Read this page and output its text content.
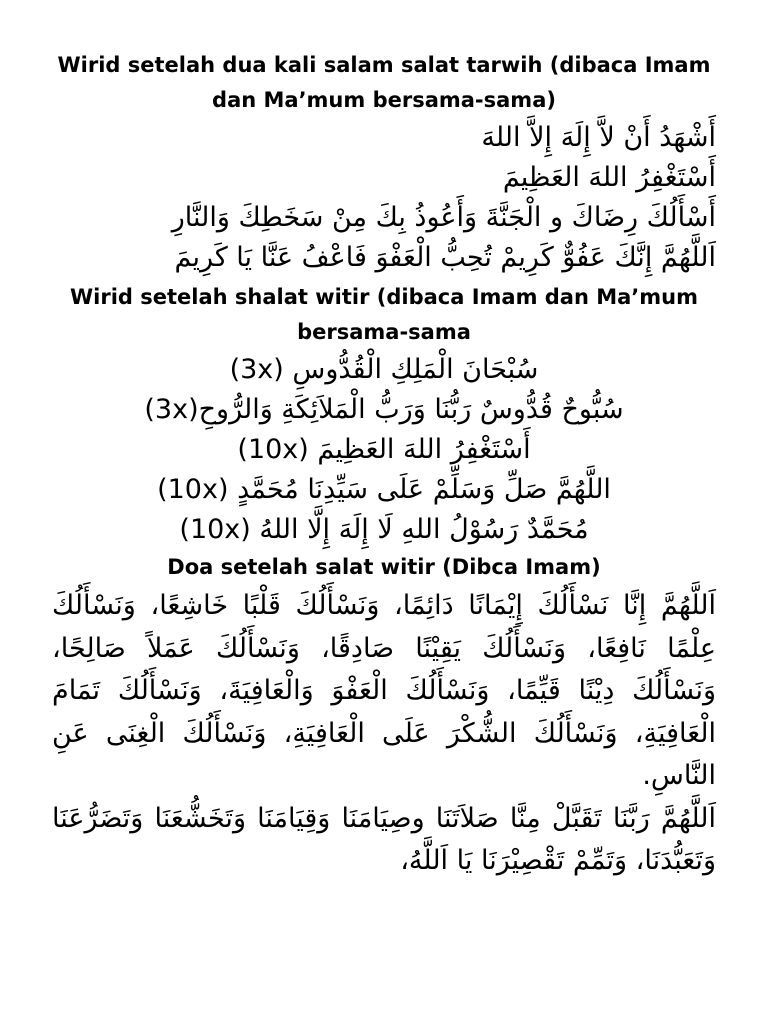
Wirid setelah dua kali salam salat tarwih (dibaca Imam dan Ma’mum bersama-sama)

أَشْهَدُ أَنْ لاَّ إِلَهَ إِلاَّ اللهَ
أَسْتَغْفِرُ اللهَ العَظِيمَ
أَسْأَلُكَ رِضَاكَ و الْجَنَّةَ وَأَعُوذُ بِكَ مِنْ سَخَطِكَ وَالنَّارِ
اَللَّهُمَّ إِنَّكَ عَفُوٌّ كَرِيمْ تُحِبُّ الْعَفْوَ فَاعْفُ عَنَّا يَا كَرِيمَ

Wirid setelah shalat witir (dibaca Imam dan Ma’mum bersama-sama

سُبْحَانَ الْمَلِكِ الْقُدُّوسِ (3x)
سُبُّوحٌ قُدُّوسٌ رَبُّنَا وَرَبُّ الْمَلاَئِكَةِ وَالرُّوحِ(3x)
أَسْتَغْفِرُ اللهَ العَظِيمَ (10x)
اللَّهُمَّ صَلِّ وَسَلِّمْ عَلَى سَيِّدِنَا مُحَمَّدٍ (10x)
مُحَمَّدٌ رَسُوْلُ اللهِ لَا إِلَهَ إِلَّا اللهُ (10x)

Doa setelah salat witir (Dibca Imam)

اَللَّهُمَّ إِنَّا نَسْأَلُكَ إِيْمَانًا دَائِمًا، وَنَسْأَلُكَ قَلْبًا خَاشِعًا، وَنَسْأَلُكَ عِلْمًا نَافِعًا، وَنَسْأَلُكَ يَقِيْنًا صَادِقًا، وَنَسْأَلُكَ عَمَلاً صَالِحًا، وَنَسْأَلُكَ دِيْنًا قَيِّمًا، وَنَسْأَلُكَ الْعَفْوَ وَالْعَافِيَةَ، وَنَسْأَلُكَ تَمَامَ الْعَافِيَةِ، وَنَسْأَلُكَ الشُّكْرَ عَلَى الْعَافِيَةِ، وَنَسْأَلُكَ الْغِنَى عَنِ النَّاسِ.

اَللَّهُمَّ رَبَّنَا تَقَبَّلْ مِنَّا صَلاَتَنَا وصِيَامَنَا وَقِيَامَنَا وَتَخَشُّعَنَا وَتَضَرُّعَنَا وَتَعَبُّدَنَا، وَتَمِّمْ تَقْصِيْرَنَا يَا اَللَّهُ،
